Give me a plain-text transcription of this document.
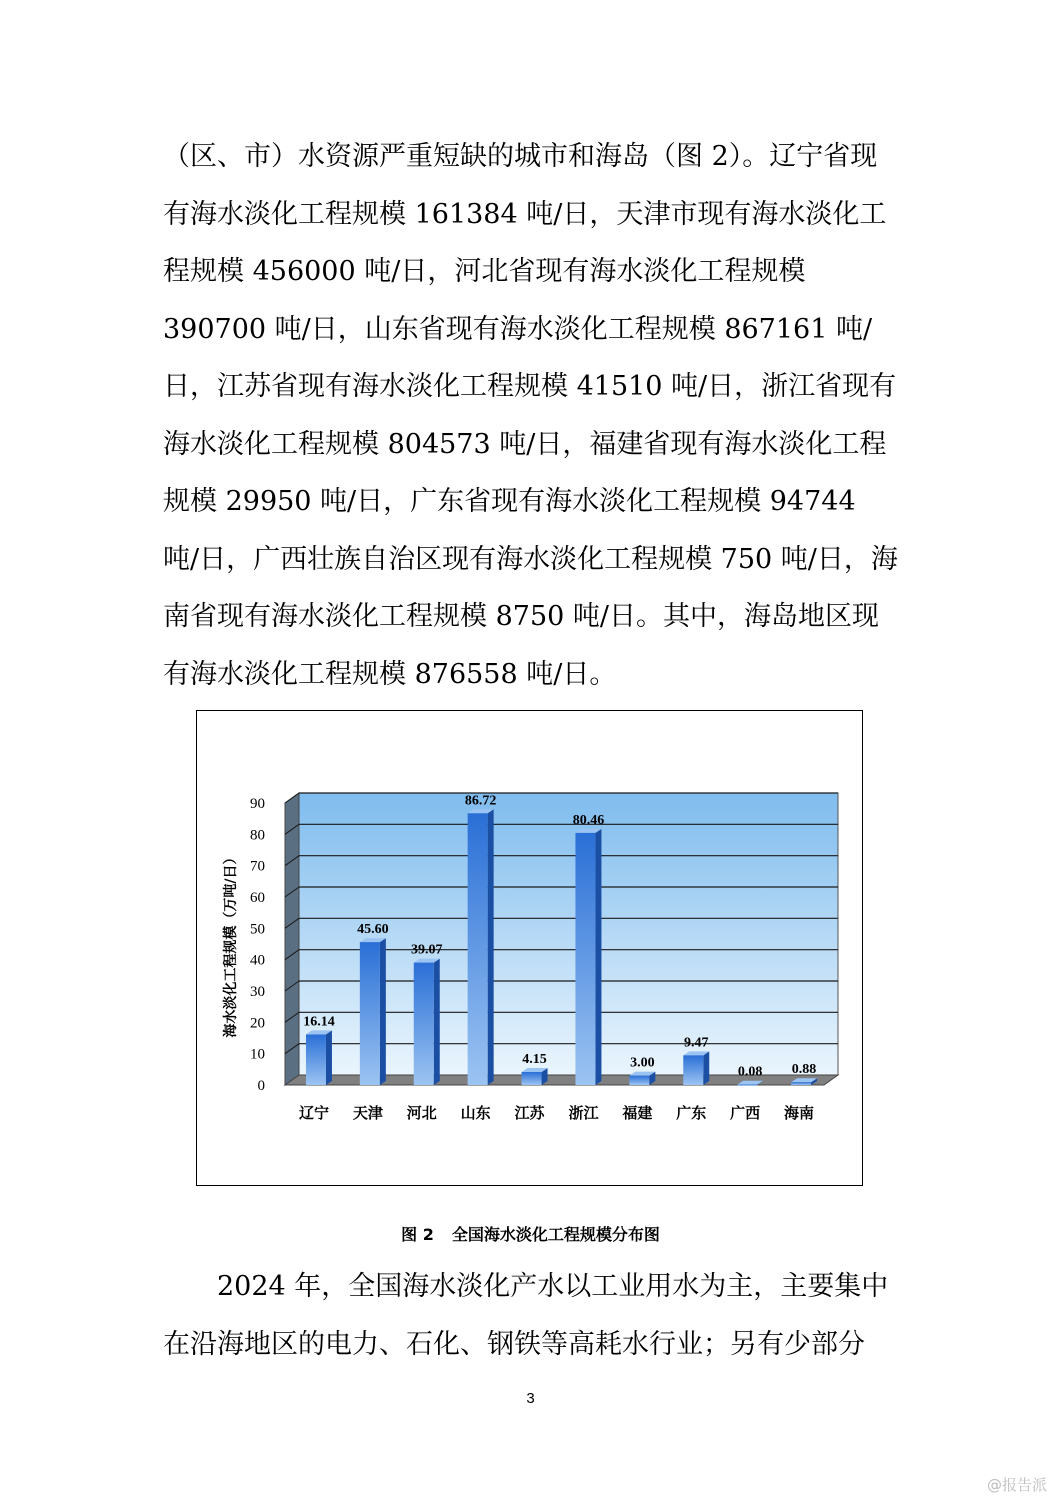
（区、市）水资源严重短缺的城市和海岛（图 2）。辽宁省现有海水淡化工程规模 161384 吨/日，天津市现有海水淡化工程规模 456000 吨/日，河北省现有海水淡化工程规模 390700 吨/日，山东省现有海水淡化工程规模 867161 吨/日，江苏省现有海水淡化工程规模 41510 吨/日，浙江省现有海水淡化工程规模 804573 吨/日，福建省现有海水淡化工程规模 29950 吨/日，广东省现有海水淡化工程规模 94744 吨/日，广西壮族自治区现有海水淡化工程规模 750 吨/日，海南省现有海水淡化工程规模 8750 吨/日。其中，海岛地区现有海水淡化工程规模 876558 吨/日。

0
10
20
30
40
50
60
70
80
90
海水淡化工程规模（万吨/日）	16.14
辽宁
45.60
天津
39.07
河北
86.72
山东
4.15
江苏
80.46
浙江
3.00
福建
9.47
广东
0.08
广西
0.88
海南
图 2 全国海水淡化工程规模分布图

2024 年，全国海水淡化产水以工业用水为主，主要集中在沿海地区的电力、石化、钢铁等高耗水行业；另有少部分

3
@报告派
